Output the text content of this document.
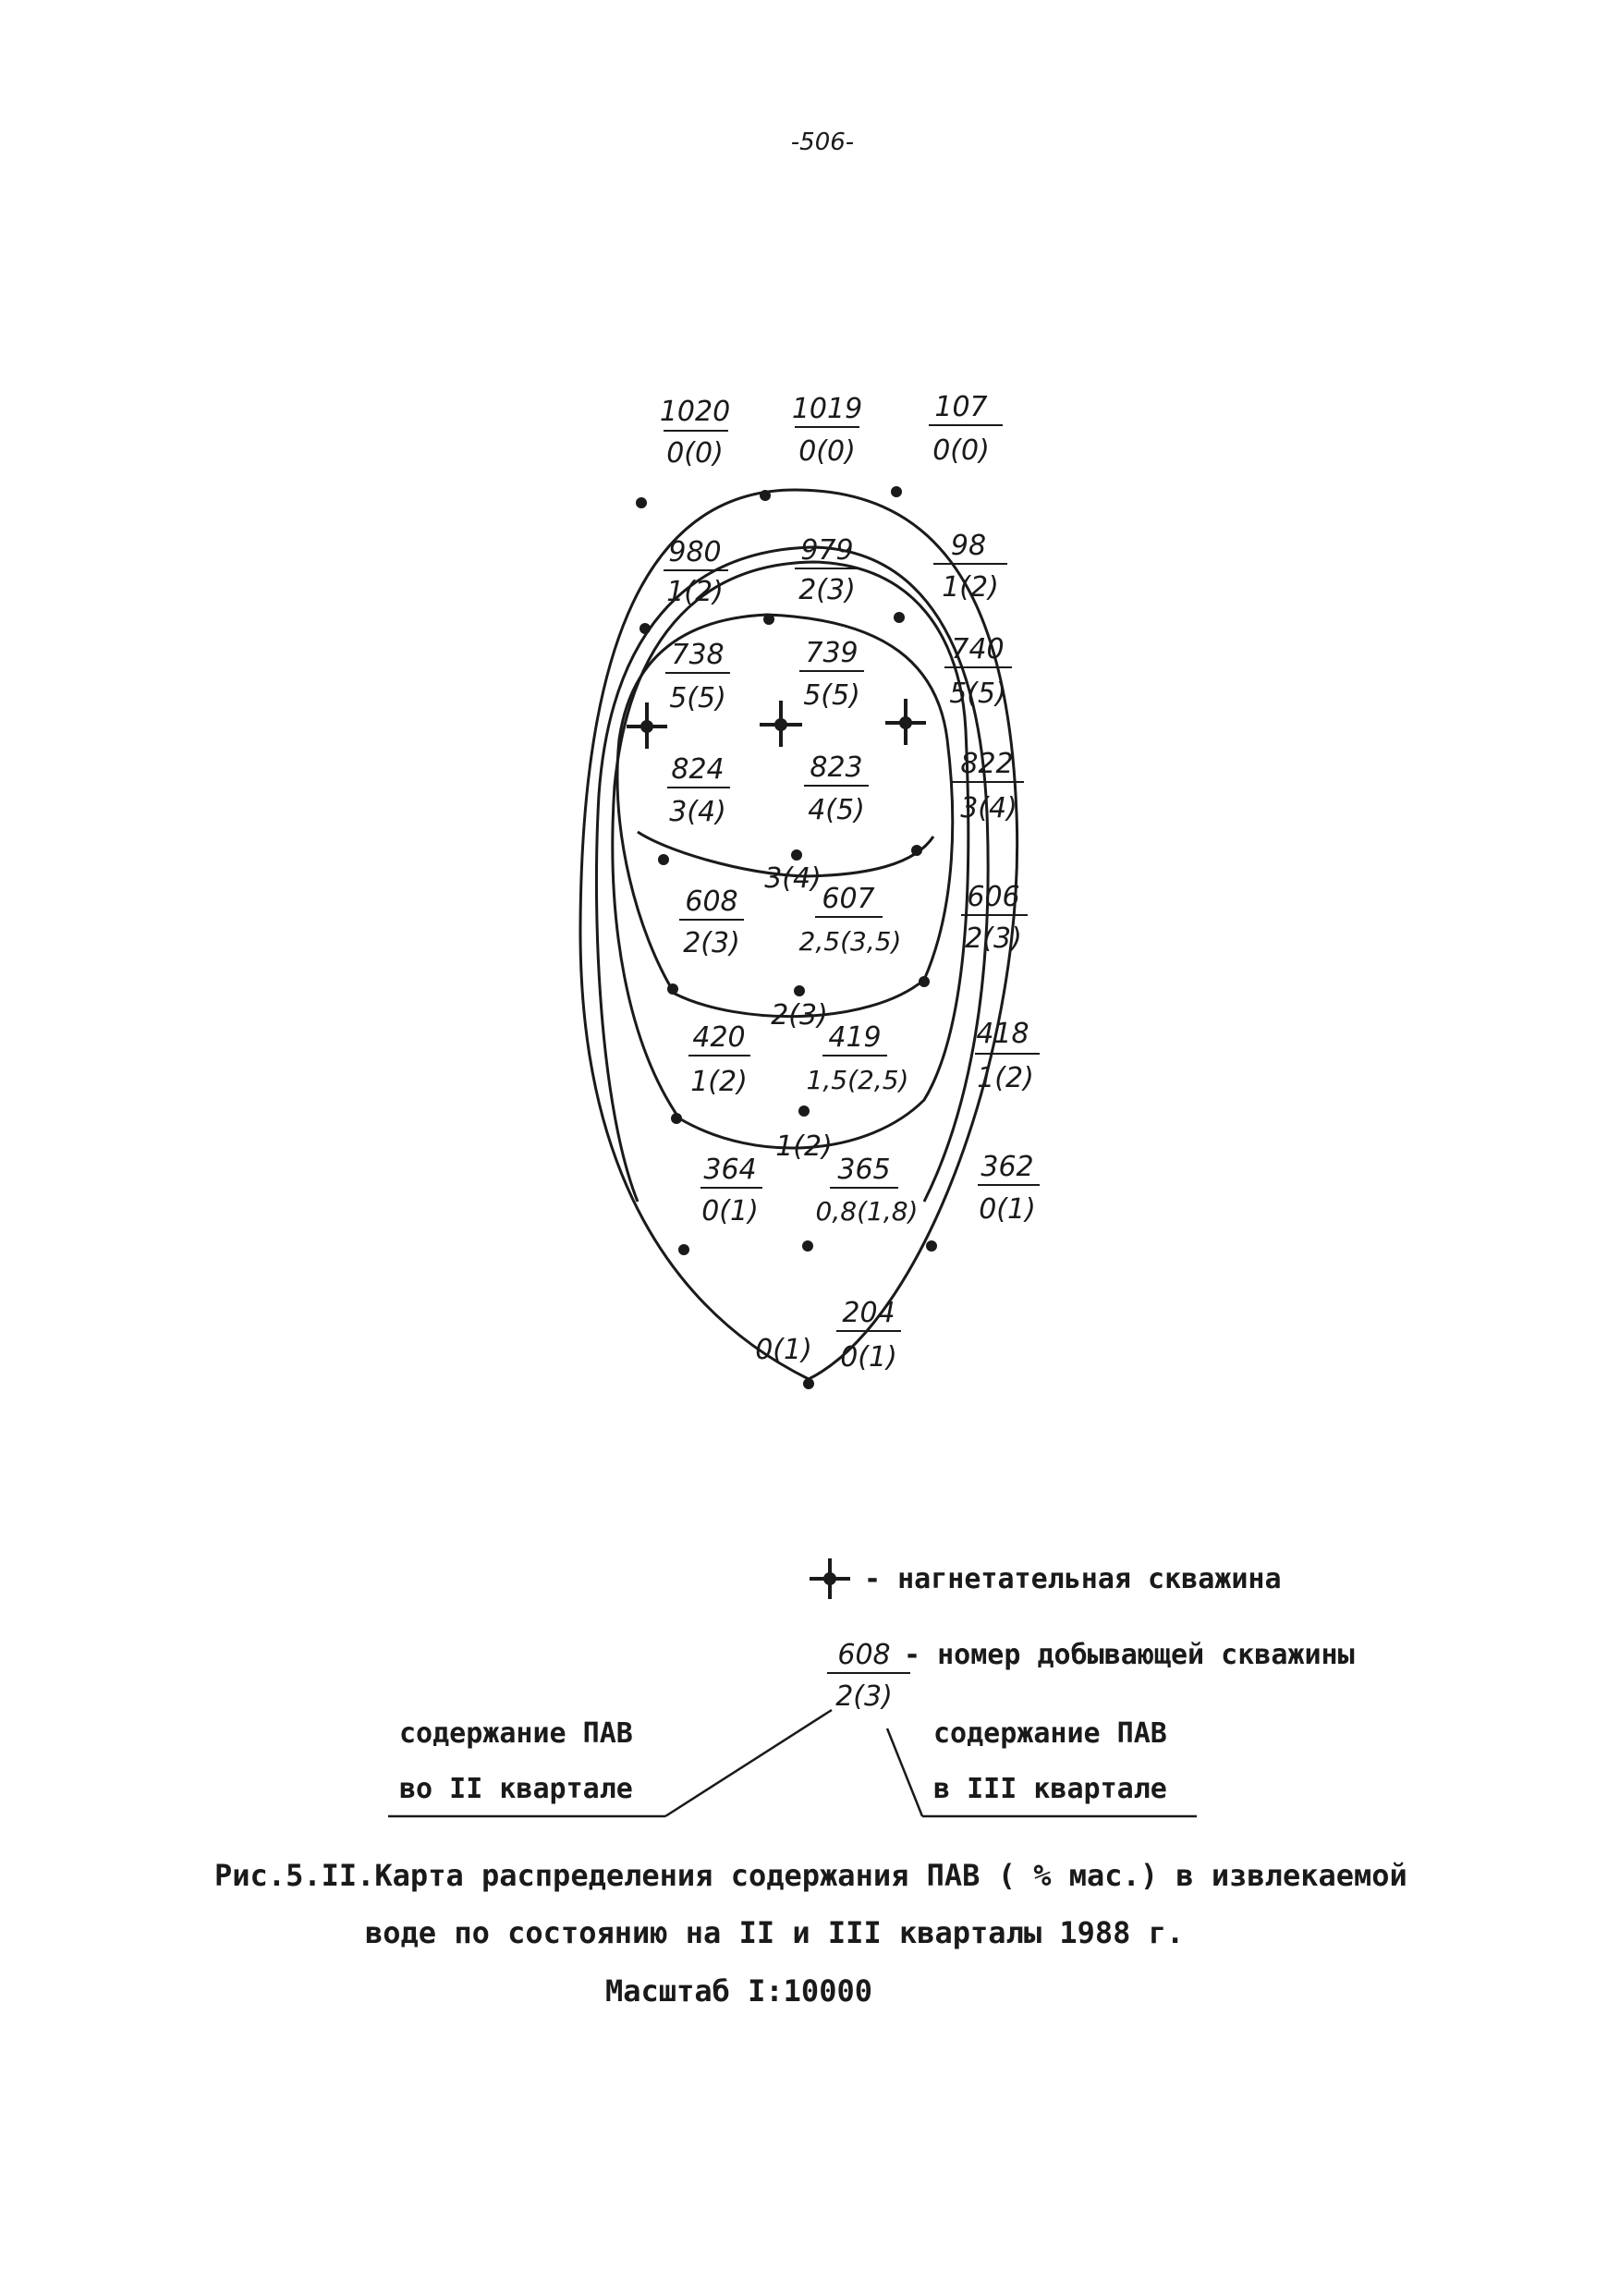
-506-
1020
0(0)
1019
0(0)
107
0(0)
980
1(2)
979
2(3)
98
1(2)
738
5(5)
739
5(5)
740
5(5)
824
3(4)
823
4(5)
822
3(4)
608
2(3)
607
2,5(3,5)
606
2(3)
420
1(2)
419
1,5(2,5)
418
1(2)
364
0(1)
365
0,8(1,8)
362
0(1)
204
0(1)
3(4)
2(3)
1(2)
0(1)
- нагнетательная скважина
608
2(3)
- номер добывающей скважины
содержание ПАВ
во II квартале
содержание ПАВ
в III квартале
Рис.5.II.Карта распределения содержания ПАВ ( % мас.) в извлекаемой
воде по состоянию на II и III кварталы 1988 г.
Масштаб I:10000
